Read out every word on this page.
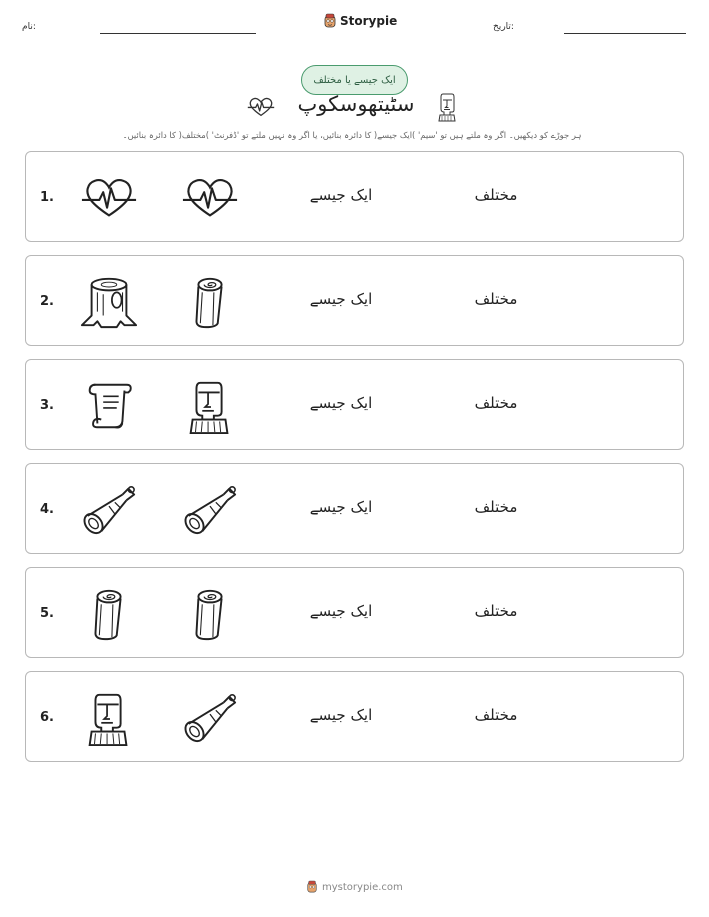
نام:	Storypie	تاریخ:
ایک جیسے یا مختلف
سٹیتھوسکوپ
ہر جوڑے کو دیکھیں۔ اگر وہ ملتے ہیں تو 'سیم' )ایک جیسے( کا دائرہ بنائیں، یا اگر وہ نہیں ملتے تو 'ڈفرنٹ' )مختلف( کا دائرہ بنائیں۔
1.	ایک جیسے	مختلف
2.	ایک جیسے	مختلف
3.	ایک جیسے	مختلف
4.	ایک جیسے	مختلف
5.	ایک جیسے	مختلف
6.	ایک جیسے	مختلف
mystorypie.com
